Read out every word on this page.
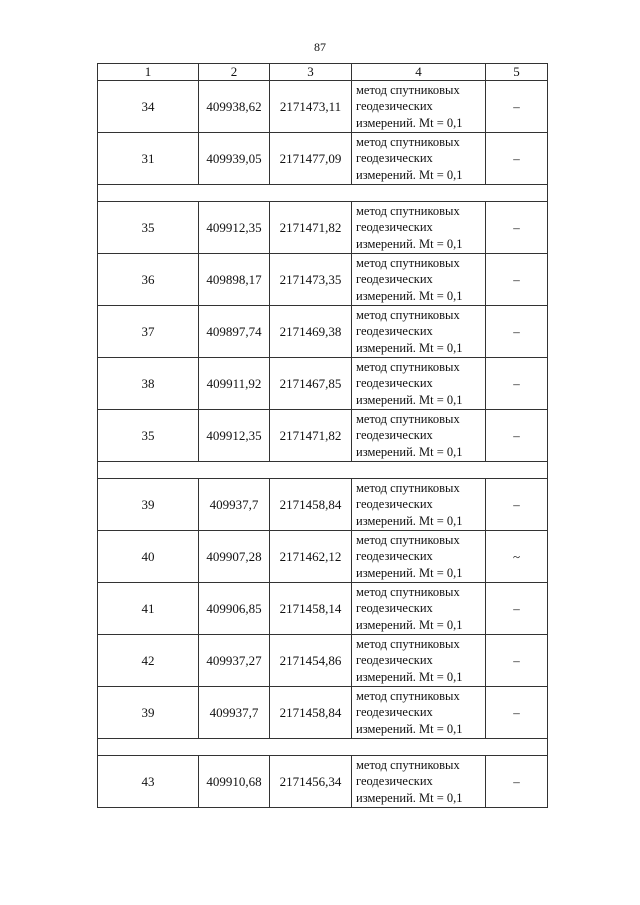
87
1	2	3	4	5
34	409938,62	2171473,11	метод спутниковых
геодезических
измерений. Mt = 0,1	–
31	409939,05	2171477,09	метод спутниковых
геодезических
измерений. Mt = 0,1	–

35	409912,35	2171471,82	метод спутниковых
геодезических
измерений. Mt = 0,1	–
36	409898,17	2171473,35	метод спутниковых
геодезических
измерений. Mt = 0,1	–
37	409897,74	2171469,38	метод спутниковых
геодезических
измерений. Mt = 0,1	–
38	409911,92	2171467,85	метод спутниковых
геодезических
измерений. Mt = 0,1	–
35	409912,35	2171471,82	метод спутниковых
геодезических
измерений. Mt = 0,1	–

39	409937,7	2171458,84	метод спутниковых
геодезических
измерений. Mt = 0,1	–
40	409907,28	2171462,12	метод спутниковых
геодезических
измерений. Mt = 0,1	~
41	409906,85	2171458,14	метод спутниковых
геодезических
измерений. Mt = 0,1	–
42	409937,27	2171454,86	метод спутниковых
геодезических
измерений. Mt = 0,1	–
39	409937,7	2171458,84	метод спутниковых
геодезических
измерений. Mt = 0,1	–

43	409910,68	2171456,34	метод спутниковых
геодезических
измерений. Mt = 0,1	–
